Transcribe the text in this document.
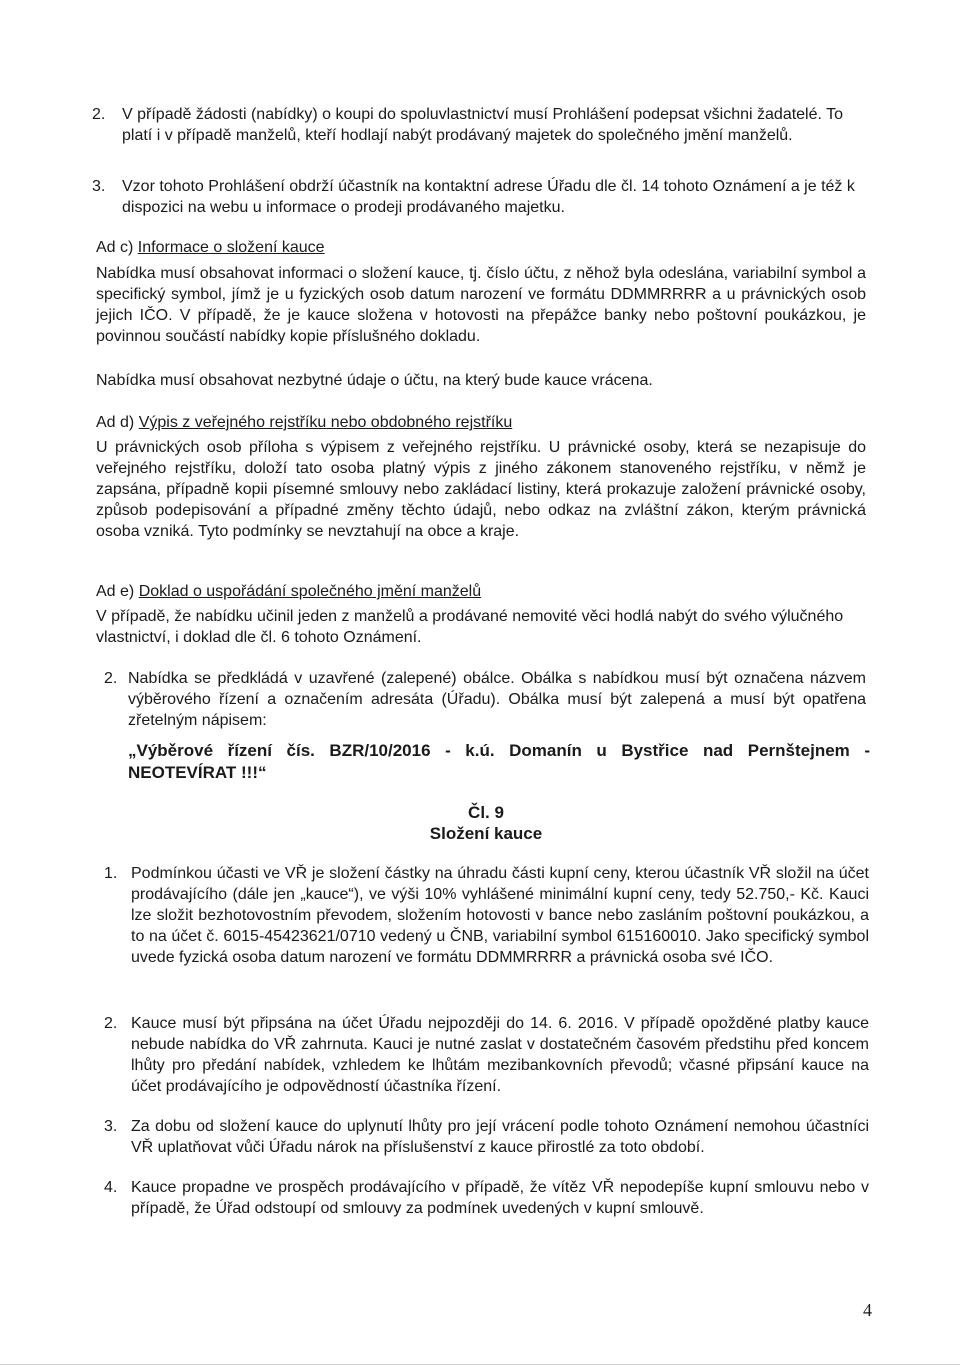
2. V případě žádosti (nabídky) o koupi do spoluvlastnictví musí Prohlášení podepsat všichni žadatelé. To platí i v případě manželů, kteří hodlají nabýt prodávaný majetek do společného jmění manželů.
3. Vzor tohoto Prohlášení obdrží účastník na kontaktní adrese Úřadu dle čl. 14 tohoto Oznámení a je též k dispozici na webu u informace o prodeji prodávaného majetku.
Ad c) Informace o složení kauce
Nabídka musí obsahovat informaci o složení kauce, tj. číslo účtu, z něhož byla odeslána, variabilní symbol a specifický symbol, jímž je u fyzických osob datum narození ve formátu DDMMRRRR a u právnických osob jejich IČO. V případě, že je kauce složena v hotovosti na přepážce banky nebo poštovní poukázkou, je povinnou součástí nabídky kopie příslušného dokladu.
Nabídka musí obsahovat nezbytné údaje o účtu, na který bude kauce vrácena.
Ad d) Výpis z veřejného rejstříku nebo obdobného rejstříku
U právnických osob příloha s výpisem z veřejného rejstříku. U právnické osoby, která se nezapisuje do veřejného rejstříku, doloží tato osoba platný výpis z jiného zákonem stanoveného rejstříku, v němž je zapsána, případně kopii písemné smlouvy nebo zakládací listiny, která prokazuje založení právnické osoby, způsob podepisování a případné změny těchto údajů, nebo odkaz na zvláštní zákon, kterým právnická osoba vzniká. Tyto podmínky se nevztahují na obce a kraje.
Ad e) Doklad o uspořádání společného jmění manželů
V případě, že nabídku učinil jeden z manželů a prodávané nemovité věci hodlá nabýt do svého výlučného vlastnictví, i doklad dle čl. 6 tohoto Oznámení.
2. Nabídka se předkládá v uzavřené (zalepené) obálce. Obálka s nabídkou musí být označena názvem výběrového řízení a označením adresáta (Úřadu). Obálka musí být zalepená a musí být opatřena zřetelným nápisem:
„Výběrové řízení čís. BZR/10/2016 - k.ú. Domanín u Bystřice nad Pernštejnem - NEOTEVÍRAT !!!“
Čl. 9
Složení kauce
1. Podmínkou účasti ve VŘ je složení částky na úhradu části kupní ceny, kterou účastník VŘ složil na účet prodávajícího (dále jen „kauce“), ve výši 10% vyhlášené minimální kupní ceny, tedy 52.750,- Kč. Kauci lze složit bezhotovostním převodem, složením hotovosti v bance nebo zasláním poštovní poukázkou, a to na účet č. 6015-45423621/0710 vedený u ČNB, variabilní symbol 615160010. Jako specifický symbol uvede fyzická osoba datum narození ve formátu DDMMRRRR a právnická osoba své IČO.
2. Kauce musí být připsána na účet Úřadu nejpozději do 14. 6. 2016. V případě opožděné platby kauce nebude nabídka do VŘ zahrnuta. Kauci je nutné zaslat v dostatečném časovém předstihu před koncem lhůty pro předání nabídek, vzhledem ke lhůtám mezibankovních převodů; včasné připsání kauce na účet prodávajícího je odpovědností účastníka řízení.
3. Za dobu od složení kauce do uplynutí lhůty pro její vrácení podle tohoto Oznámení nemohou účastníci VŘ uplatňovat vůči Úřadu nárok na příslušenství z kauce přirostlé za toto období.
4. Kauce propadne ve prospěch prodávajícího v případě, že vítěz VŘ nepodepíše kupní smlouvu nebo v případě, že Úřad odstoupí od smlouvy za podmínek uvedených v kupní smlouvě.
4
